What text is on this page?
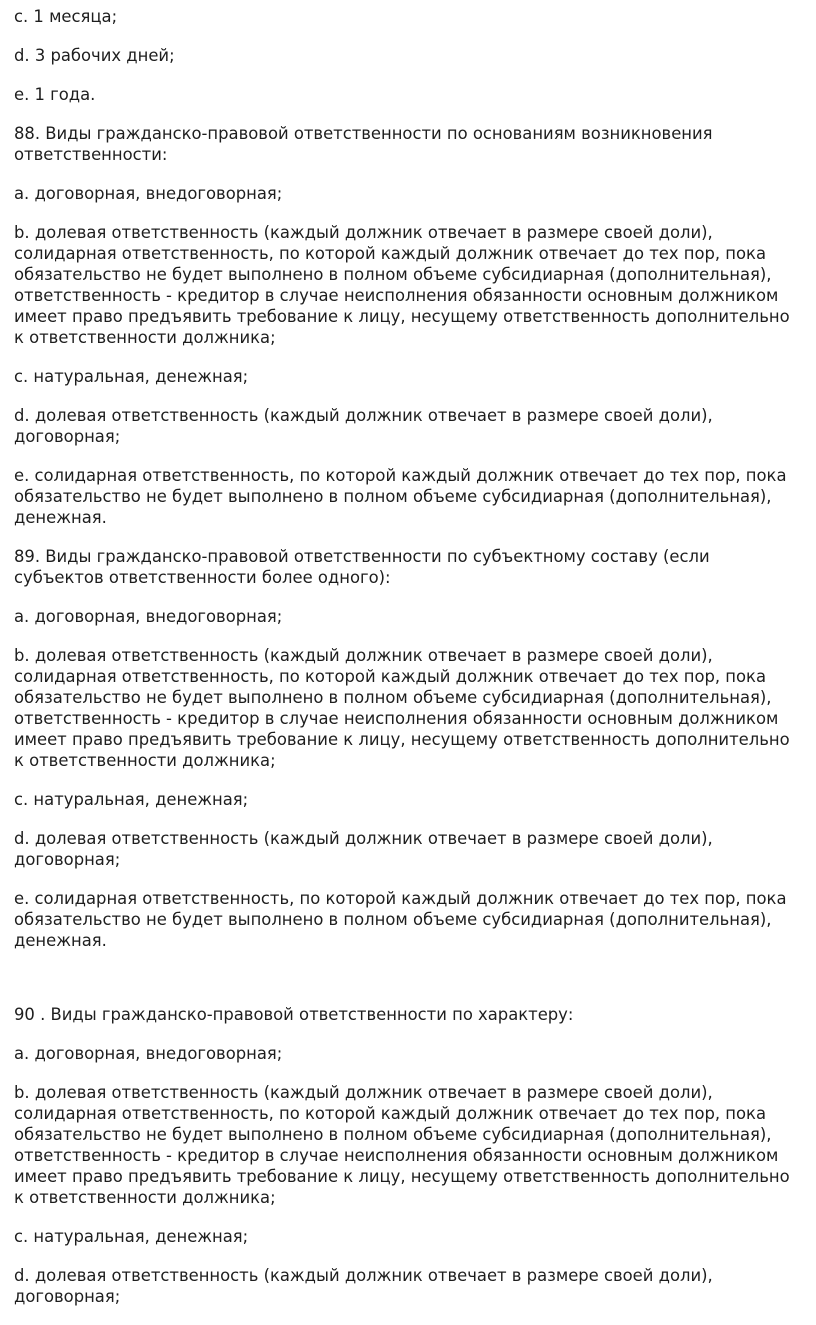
c. 1 месяца;

d. 3 рабочих дней;

e. 1 года.

88. Виды гражданско-правовой ответственности по основаниям возникновения ответственности:

a. договорная, внедоговорная;

b. долевая ответственность (каждый должник отвечает в размере своей доли), солидарная ответственность, по которой каждый должник отвечает до тех пор, пока обязательство не будет выполнено в полном объеме субсидиарная (дополнительная), ответственность - кредитор в случае неисполнения обязанности основным должником имеет право предъявить требование к лицу, несущему ответственность дополнительно к ответственности должника;

c. натуральная, денежная;

d. долевая ответственность (каждый должник отвечает в размере своей доли), договорная;

e. солидарная ответственность, по которой каждый должник отвечает до тех пор, пока обязательство не будет выполнено в полном объеме субсидиарная (дополнительная), денежная.

89. Виды гражданско-правовой ответственности по субъектному составу (если субъектов ответственности более одного):

a. договорная, внедоговорная;

b. долевая ответственность (каждый должник отвечает в размере своей доли), солидарная ответственность, по которой каждый должник отвечает до тех пор, пока обязательство не будет выполнено в полном объеме субсидиарная (дополнительная), ответственность - кредитор в случае неисполнения обязанности основным должником имеет право предъявить требование к лицу, несущему ответственность дополнительно к ответственности должника;

c. натуральная, денежная;

d. долевая ответственность (каждый должник отвечает в размере своей доли), договорная;

e. солидарная ответственность, по которой каждый должник отвечает до тех пор, пока обязательство не будет выполнено в полном объеме субсидиарная (дополнительная), денежная.

90 . Виды гражданско-правовой ответственности по характеру:

a. договорная, внедоговорная;

b. долевая ответственность (каждый должник отвечает в размере своей доли), солидарная ответственность, по которой каждый должник отвечает до тех пор, пока обязательство не будет выполнено в полном объеме субсидиарная (дополнительная), ответственность - кредитор в случае неисполнения обязанности основным должником имеет право предъявить требование к лицу, несущему ответственность дополнительно к ответственности должника;

c. натуральная, денежная;

d. долевая ответственность (каждый должник отвечает в размере своей доли), договорная;
